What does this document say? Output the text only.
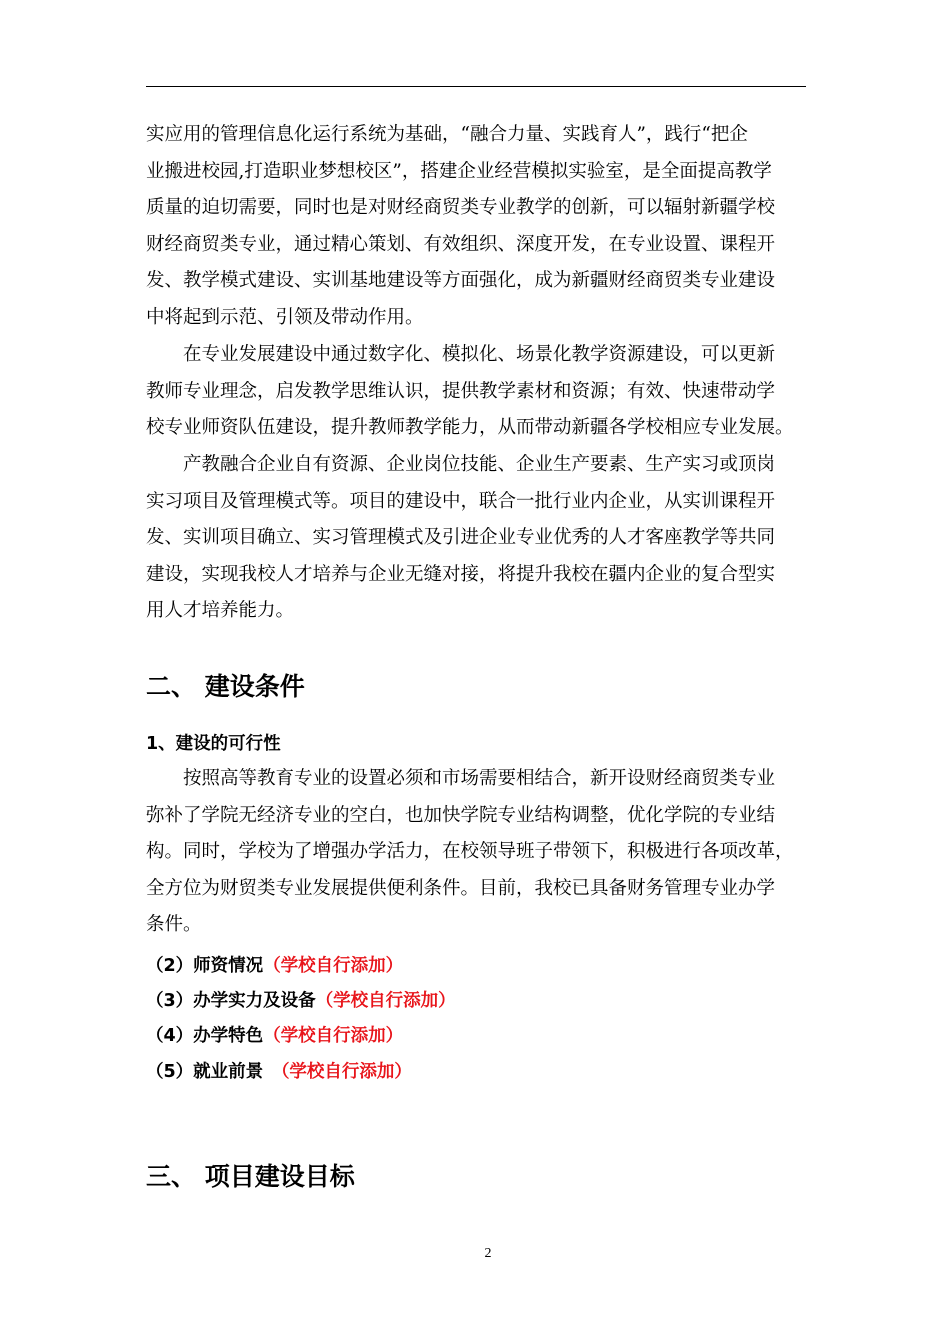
实应用的管理信息化运行系统为基础，“融合力量、实践育人”，践行“把企
业搬进校园,打造职业梦想校区”，搭建企业经营模拟实验室，是全面提高教学
质量的迫切需要，同时也是对财经商贸类专业教学的创新，可以辐射新疆学校
财经商贸类专业，通过精心策划、有效组织、深度开发，在专业设置、课程开
发、教学模式建设、实训基地建设等方面强化，成为新疆财经商贸类专业建设
中将起到示范、引领及带动作用。
在专业发展建设中通过数字化、模拟化、场景化教学资源建设，可以更新
教师专业理念，启发教学思维认识，提供教学素材和资源；有效、快速带动学
校专业师资队伍建设，提升教师教学能力，从而带动新疆各学校相应专业发展。
产教融合企业自有资源、企业岗位技能、企业生产要素、生产实习或顶岗
实习项目及管理模式等。项目的建设中，联合一批行业内企业，从实训课程开
发、实训项目确立、实习管理模式及引进企业专业优秀的人才客座教学等共同
建设，实现我校人才培养与企业无缝对接，将提升我校在疆内企业的复合型实
用人才培养能力。
二、 建设条件
1、建设的可行性
按照高等教育专业的设置必须和市场需要相结合，新开设财经商贸类专业
弥补了学院无经济专业的空白，也加快学院专业结构调整，优化学院的专业结
构。同时，学校为了增强办学活力，在校领导班子带领下，积极进行各项改革，
全方位为财贸类专业发展提供便利条件。目前，我校已具备财务管理专业办学
条件。

（2）师资情况（学校自行添加）

（3）办学实力及设备（学校自行添加）

（4）办学特色（学校自行添加）

（5）就业前景　（学校自行添加）

三、 项目建设目标
2
